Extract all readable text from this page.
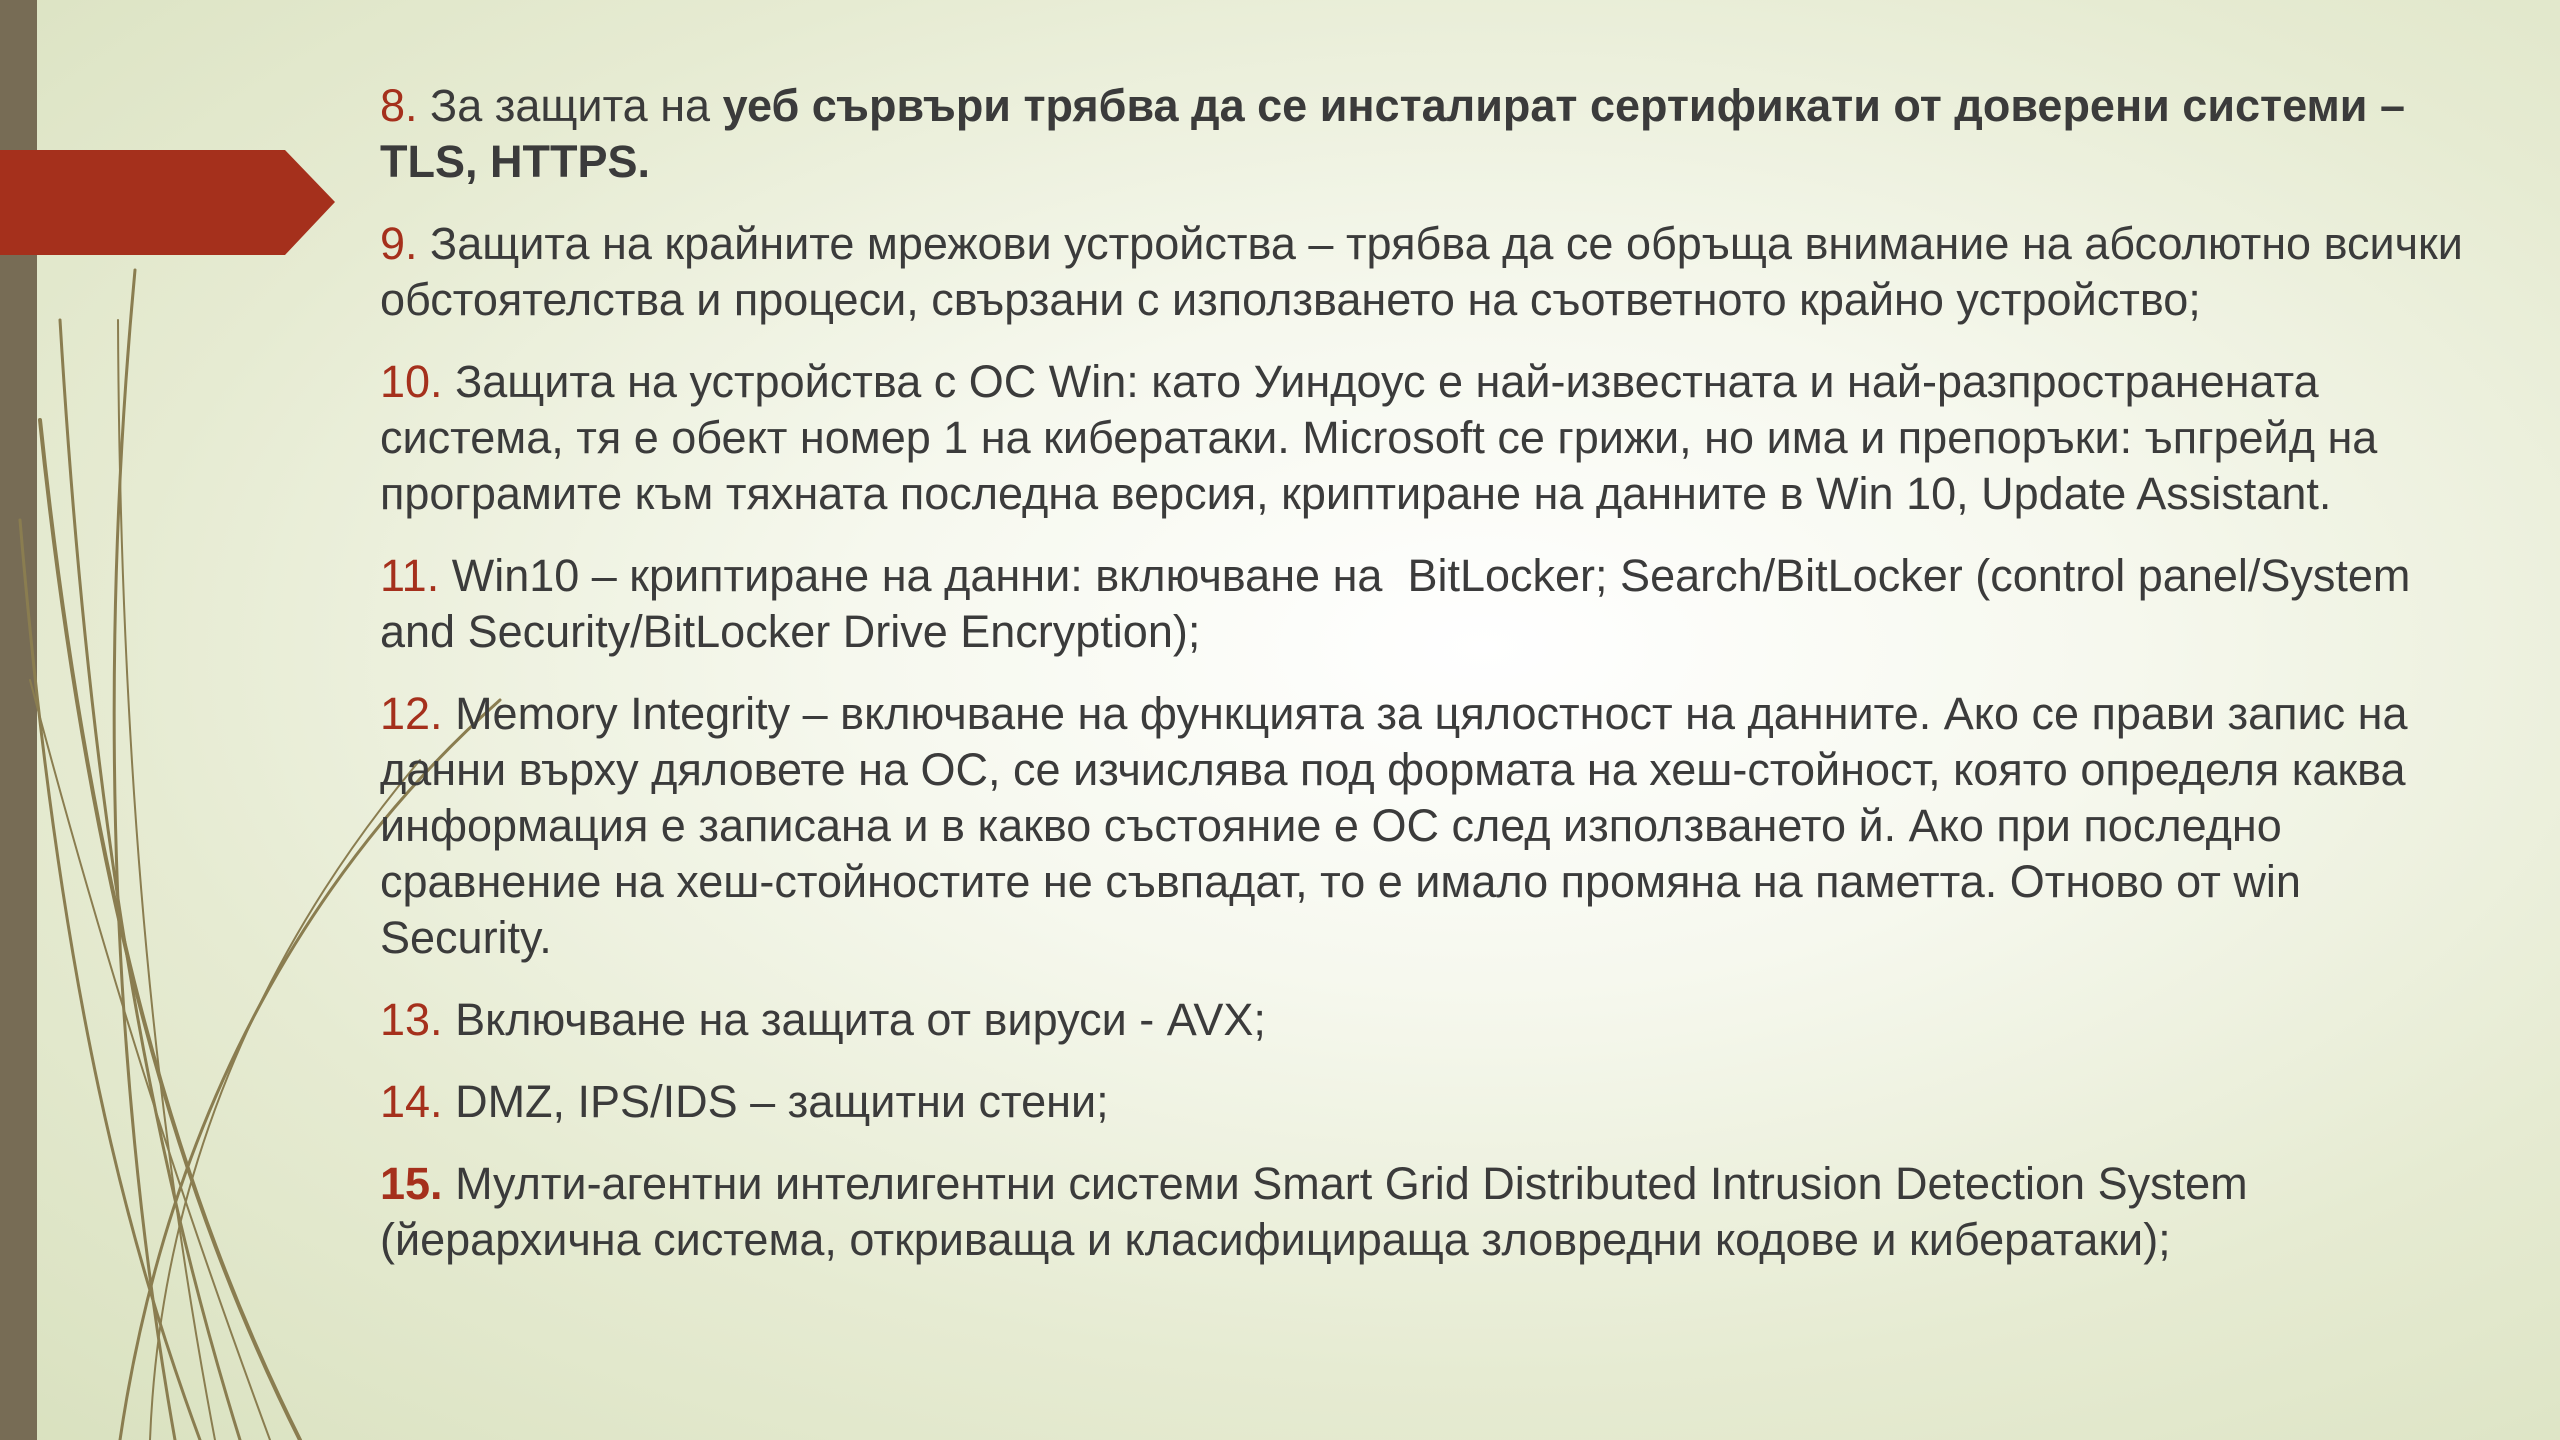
8. За защита на уеб сървъри трябва да се инсталират сертификати от доверени системи – TLS, HTTPS.
9. Защита на крайните мрежови устройства – трябва да се обръща внимание на абсолютно всички обстоятелства и процеси, свързани с използването на съответното крайно устройство;
10. Защита на устройства с ОС Win: като Уиндоус е най-известната и най-разпространената система, тя е обект номер 1 на кибератаки. Microsoft се грижи, но има и препоръки: ъпгрейд на програмите към тяхната последна версия, криптиране на данните в Win 10, Update Assistant.
11. Win10 – криптиране на данни: включване на  BitLocker; Search/BitLocker (control panel/System and Security/BitLocker Drive Encryption);
12. Memory Integrity – включване на функцията за цялостност на данните. Ако се прави запис на данни върху дяловете на ОС, се изчислява под формата на хеш-стойност, която определя каква информация е записана и в какво състояние е ОС след използването й. Ако при последно сравнение на хеш-стойностите не съвпадат, то е имало промяна на паметта. Отново от win  Security.
13. Включване на защита от вируси - AVX;
14. DMZ, IPS/IDS – защитни стени;
15. Мулти-агентни интелигентни системи Smart Grid Distributed Intrusion Detection System (йерархична система, откриваща и класифицираща зловредни кодове и кибератаки);
